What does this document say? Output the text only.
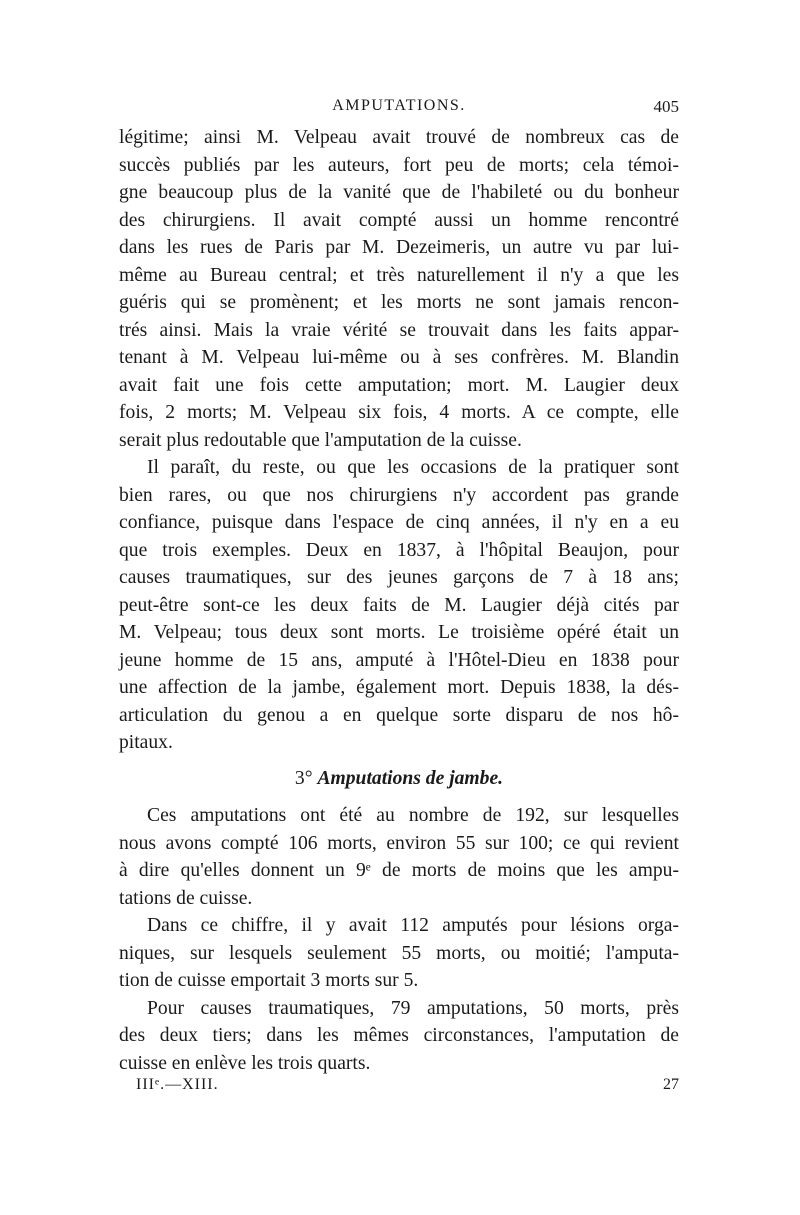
AMPUTATIONS.	405
légitime; ainsi M. Velpeau avait trouvé de nombreux cas de
succès publiés par les auteurs, fort peu de morts; cela témoi-
gne beaucoup plus de la vanité que de l'habileté ou du bonheur
des chirurgiens. Il avait compté aussi un homme rencontré
dans les rues de Paris par M. Dezeimeris, un autre vu par lui-
même au Bureau central; et très naturellement il n'y a que les
guéris qui se promènent; et les morts ne sont jamais rencon-
trés ainsi. Mais la vraie vérité se trouvait dans les faits appar-
tenant à M. Velpeau lui-même ou à ses confrères. M. Blandin
avait fait une fois cette amputation; mort. M. Laugier deux
fois, 2 morts; M. Velpeau six fois, 4 morts. A ce compte, elle
serait plus redoutable que l'amputation de la cuisse.
Il paraît, du reste, ou que les occasions de la pratiquer sont
bien rares, ou que nos chirurgiens n'y accordent pas grande
confiance, puisque dans l'espace de cinq années, il n'y en a eu
que trois exemples. Deux en 1837, à l'hôpital Beaujon, pour
causes traumatiques, sur des jeunes garçons de 7 à 18 ans;
peut-être sont-ce les deux faits de M. Laugier déjà cités par
M. Velpeau; tous deux sont morts. Le troisième opéré était un
jeune homme de 15 ans, amputé à l'Hôtel-Dieu en 1838 pour
une affection de la jambe, également mort. Depuis 1838, la dés-
articulation du genou a en quelque sorte disparu de nos hô-
pitaux.
3° Amputations de jambe.
Ces amputations ont été au nombre de 192, sur lesquelles
nous avons compté 106 morts, environ 55 sur 100; ce qui revient
à dire qu'elles donnent un 9ᵉ de morts de moins que les ampu-
tations de cuisse.
Dans ce chiffre, il y avait 112 amputés pour lésions orga-
niques, sur lesquels seulement 55 morts, ou moitié; l'amputa-
tion de cuisse emportait 3 morts sur 5.
Pour causes traumatiques, 79 amputations, 50 morts, près
des deux tiers; dans les mêmes circonstances, l'amputation de
cuisse en enlève les trois quarts.
IIIᵉ.—XIII.	27
